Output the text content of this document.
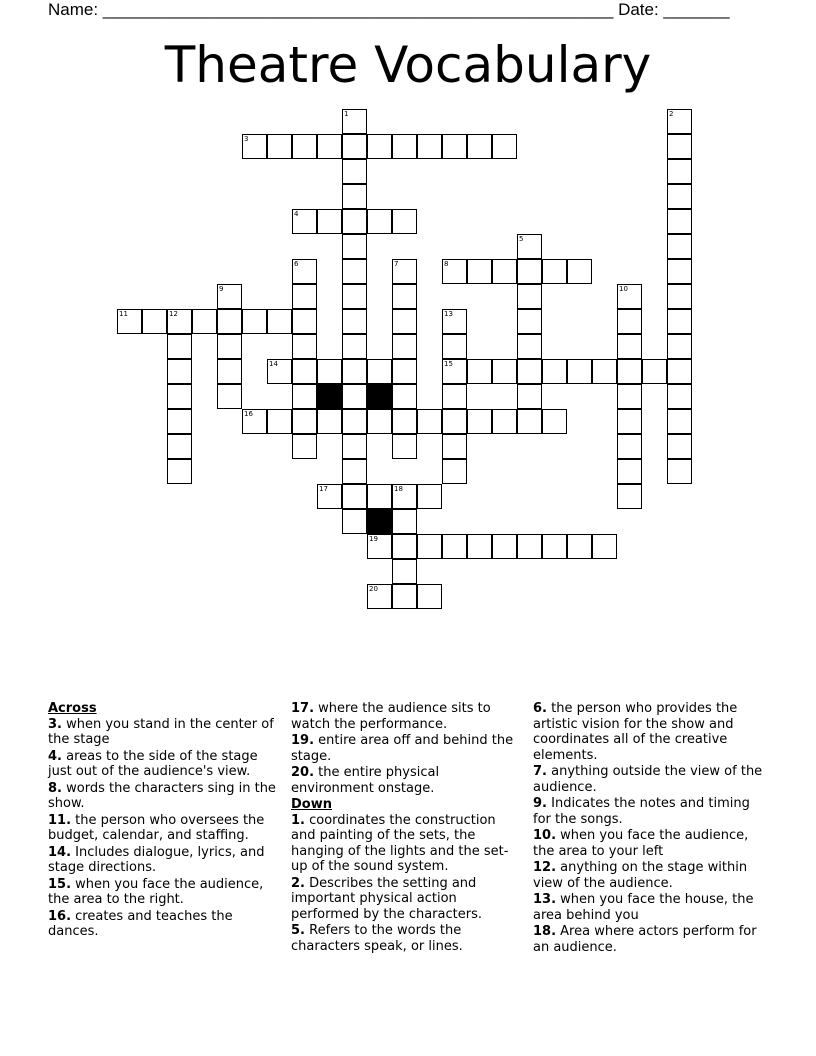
Name: ______________________________________________________ Date: _______
Theatre Vocabulary
1	2
3
4
5
6	7	8
9	10
11	12	13
14	15
16
17	18
19
20
Across
3. when you stand in the center of the stage
4. areas to the side of the stage just out of the audience's view.
8. words the characters sing in the show.
11. the person who oversees the budget, calendar, and staffing.
14. Includes dialogue, lyrics, and stage directions.
15. when you face the audience, the area to the right.
16. creates and teaches the dances.
17. where the audience sits to watch the performance.
19. entire area off and behind the stage.
20. the entire physical environment onstage.
Down
1. coordinates the construction and painting of the sets, the hanging of the lights and the set-up of the sound system.
2. Describes the setting and important physical action performed by the characters.
5. Refers to the words the characters speak, or lines.
6. the person who provides the artistic vision for the show and coordinates all of the creative elements.
7. anything outside the view of the audience.
9. Indicates the notes and timing for the songs.
10. when you face the audience, the area to your left
12. anything on the stage within view of the audience.
13. when you face the house, the area behind you
18. Area where actors perform for an audience.
